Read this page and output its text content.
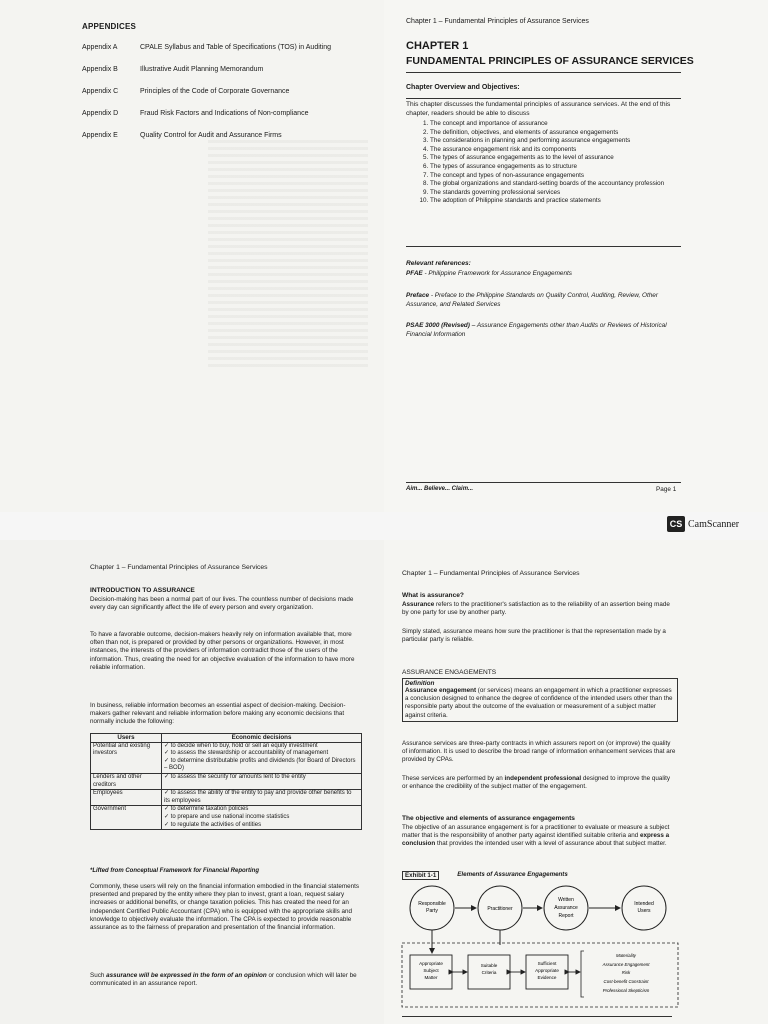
APPENDICES
Appendix A	CPALE Syllabus and Table of Specifications (TOS) in Auditing
Appendix B	Illustrative Audit Planning Memorandum
Appendix C	Principles of the Code of Corporate Governance
Appendix D	Fraud Risk Factors and Indications of Non-compliance
Appendix E	Quality Control for Audit and Assurance Firms
Chapter 1 – Fundamental Principles of Assurance Services
CHAPTER 1
FUNDAMENTAL PRINCIPLES OF ASSURANCE SERVICES
Chapter Overview and Objectives:
This chapter discusses the fundamental principles of assurance services. At the end of this chapter, readers should be able to discuss
1. The concept and importance of assurance
2. The definition, objectives, and elements of assurance engagements
3. The considerations in planning and performing assurance engagements
4. The assurance engagement risk and its components
5. The types of assurance engagements as to the level of assurance
6. The types of assurance engagements as to structure
7. The concept and types of non-assurance engagements
8. The global organizations and standard-setting boards of the accountancy profession
9. The standards governing professional services
10. The adoption of Philippine standards and practice statements
Relevant references:
PFAE - Philippine Framework for Assurance Engagements
Preface - Preface to the Philippine Standards on Quality Control, Auditing, Review, Other Assurance, and Related Services
PSAE 3000 (Revised) – Assurance Engagements other than Audits or Reviews of Historical Financial Information
Aim... Believe... Claim...	Page 1
CS CamScanner
Chapter 1 – Fundamental Principles of Assurance Services
INTRODUCTION TO ASSURANCE
Decision-making has been a normal part of our lives. The countless number of decisions made every day can significantly affect the life of every person and every organization.
To have a favorable outcome, decision-makers heavily rely on information available that, more often than not, is prepared or provided by other persons or organizations. However, in most instances, the interests of the providers of information contradict those of the users of the information. Thus, creating the need for an objective evaluation of the information to have more reliable information.
In business, reliable information becomes an essential aspect of decision-making. Decision-makers gather relevant and reliable information before making any economic decisions that normally include the following:
Users	Economic decisions
Potential and existing investors	✓ to decide when to buy, hold or sell an equity investment
✓ to assess the stewardship or accountability of management
✓ to determine distributable profits and dividends (for Board of Directors – BOD)

Lenders and other creditors	✓ to assess the security for amounts lent to the entity

Employees	✓ to assess the ability of the entity to pay and provide other benefits to its employees

Government	✓ to determine taxation policies
✓ to prepare and use national income statistics
✓ to regulate the activities of entities
*Lifted from Conceptual Framework for Financial Reporting
Commonly, these users will rely on the financial information embodied in the financial statements presented and prepared by the entity where they plan to invest, grant a loan, request salary increases or additional benefits, or change taxation policies. This has created the need for an independent Certified Public Accountant (CPA) who is equipped with the appropriate skills and knowledge to objectively evaluate the information. The CPA is expected to provide reasonable assurance as to the fairness of preparation and presentation of the financial information.
Such assurance will be expressed in the form of an opinion or conclusion which will later be communicated in an assurance report.
Chapter 1 – Fundamental Principles of Assurance Services
What is assurance?
Assurance refers to the practitioner's satisfaction as to the reliability of an assertion being made by one party for use by another party.
Simply stated, assurance means how sure the practitioner is that the representation made by a particular party is reliable.
ASSURANCE ENGAGEMENTS
Definition
Assurance engagement (or services) means an engagement in which a practitioner expresses a conclusion designed to enhance the degree of confidence of the intended users other than the responsible party about the outcome of the evaluation or measurement of a subject matter against criteria.
Assurance services are three-party contracts in which assurers report on (or improve) the quality of information. It is used to describe the broad range of information enhancement services that are provided by CPAs.
These services are performed by an independent professional designed to improve the quality or enhance the credibility of the subject matter of the engagement.
The objective and elements of assurance engagements
The objective of an assurance engagement is for a practitioner to evaluate or measure a subject matter that is the responsibility of another party against identified suitable criteria and express a conclusion that provides the intended user with a level of assurance about that subject matter.
Exhibit 1-1	Elements of Assurance Engagements
Responsible
Party	Practitioner
Written
Assurance
Report
Intended
Users
Appropriate
Subject
Matter
Suitable
Criteria
Sufficient
Appropriate
Evidence
Materiality
Assurance Engagement
Risk
Cost-benefit Constraint
Professional Skepticism
